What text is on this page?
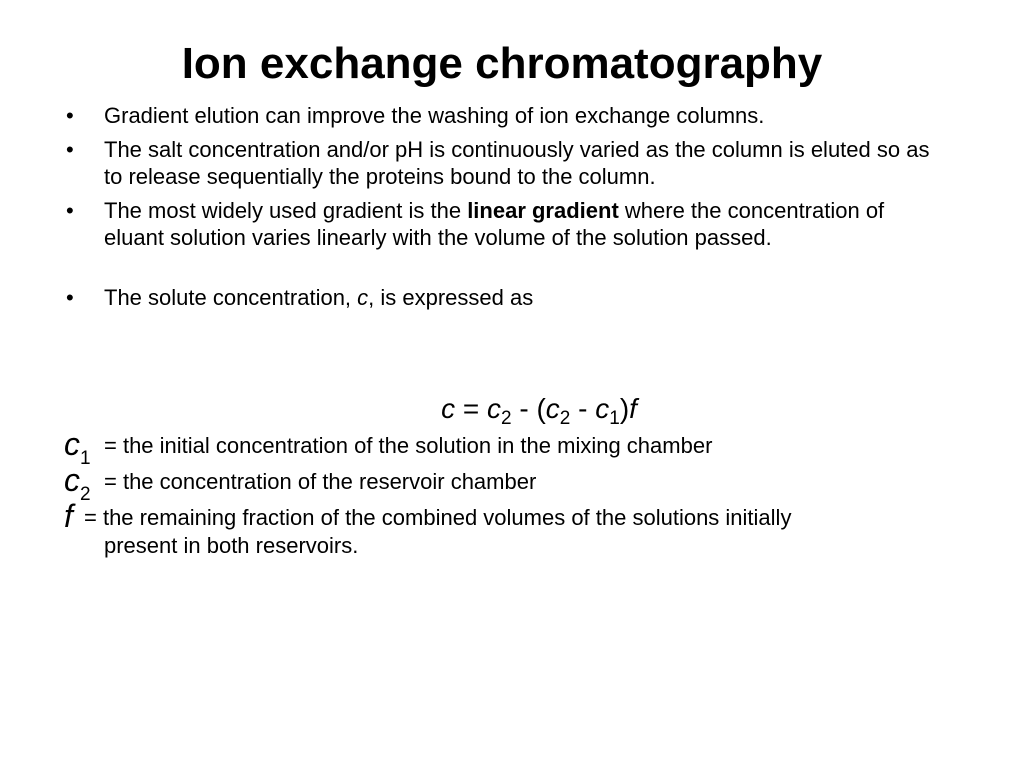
Ion exchange chromatography
• Gradient elution can improve the washing of ion exchange columns.
• The salt concentration and/or pH is continuously varied as the column is eluted so as to release sequentially the proteins bound to the column.
• The most widely used gradient is the linear gradient where the concentration of eluant solution varies linearly with the volume of the solution passed.
• The solute concentration, c, is expressed as
$c = c_2 - (c_2 - c_1)f$
$c_1$
= the initial concentration of the solution in the mixing chamber
$c_2$
= the concentration of the reservoir chamber
f = the remaining fraction of the combined volumes of the solutions initially
present in both reservoirs.
